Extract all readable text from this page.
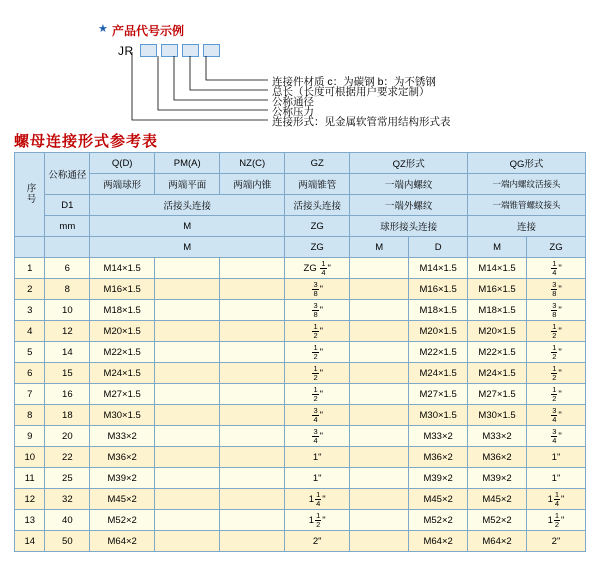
★ 产品代号示例
JR
连接件材质 c：为碳钢 b：为不锈钢
总长（长度可根据用户要求定制）
公称通径
公称压力
连接形式：见金属软管常用结构形式表
螺母连接形式参考表
序号	公称通径	Q(D)	PM(A)	NZ(C)	GZ	QZ形式		QG形式	
		两端球形	两端平面	两端内锥	两端锥管	一端内螺纹		一端内螺纹活接头	
	D1	活接头连接			活接头连接	一端外螺纹		一端锥管螺纹接头	
	mm	M			ZG	球形接头连接		连接	
		M			ZG	M	D	M	ZG
1	6	M14×1.5			ZG $\frac{1}{4}$ "		M14×1.5	M14×1.5	$\frac{1}{4}$ "
2	8	M16×1.5			$\frac{3}{8}$ "		M16×1.5	M16×1.5	$\frac{3}{8}$ "
3	10	M18×1.5			$\frac{3}{8}$ "		M18×1.5	M18×1.5	$\frac{3}{8}$ "
4	12	M20×1.5			$\frac{1}{2}$ "		M20×1.5	M20×1.5	$\frac{1}{2}$ "
5	14	M22×1.5			$\frac{1}{2}$ "		M22×1.5	M22×1.5	$\frac{1}{2}$ "
6	15	M24×1.5			$\frac{1}{2}$ "		M24×1.5	M24×1.5	$\frac{1}{2}$ "
7	16	M27×1.5			$\frac{1}{2}$ "		M27×1.5	M27×1.5	$\frac{1}{2}$ "
8	18	M30×1.5			$\frac{3}{4}$ "		M30×1.5	M30×1.5	$\frac{3}{4}$ "
9	20	M33×2			$\frac{3}{4}$ "		M33×2	M33×2	$\frac{3}{4}$ "
10	22	M36×2			1"		M36×2	M36×2	1"
11	25	M39×2			1"		M39×2	M39×2	1"
12	32	M45×2			$1 \frac{1}{4}$ "		M45×2	M45×2	$1 \frac{1}{4}$ "
13	40	M52×2			$1 \frac{1}{2}$ "		M52×2	M52×2	$1 \frac{1}{2}$ "
14	50	M64×2			2"		M64×2	M64×2	2"
